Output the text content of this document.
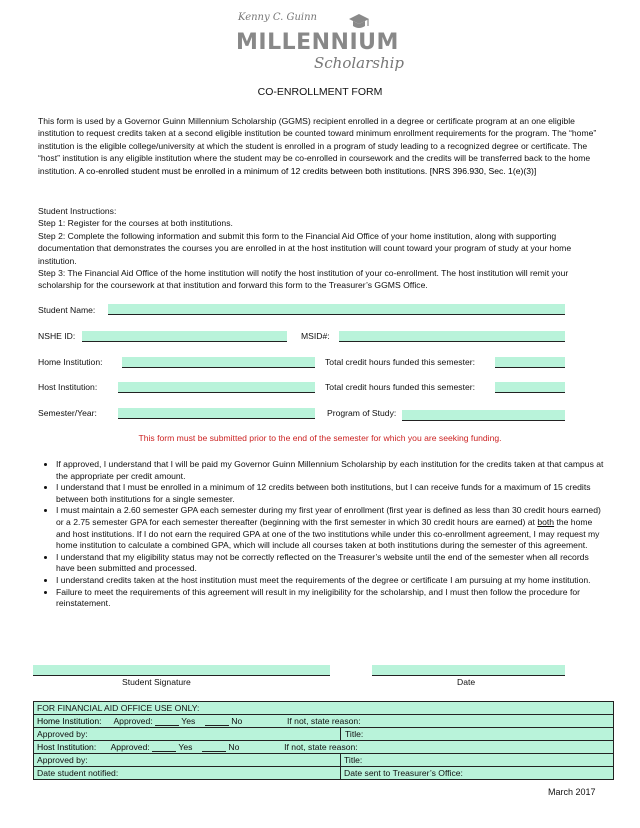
Kenny C. Guinn
MILLENNIUM
Scholarship
CO-ENROLLMENT FORM

This form is used by a Governor Guinn Millennium Scholarship (GGMS) recipient enrolled in a degree or certificate program at an one eligible institution to request credits taken at a second eligible institution be counted toward minimum enrollment requirements for the program. The “home” institution is the eligible college/university at which the student is enrolled in a program of study leading to a recognized degree or certificate. The “host” institution is any eligible institution where the student may be co-enrolled in coursework and the credits will be transferred back to the home institution. A co-enrolled student must be enrolled in a minimum of 12 credits between both institutions. [NRS 396.930, Sec. 1(e)(3)]

Student Instructions:

Step 1: Register for the courses at both institutions.

Step 2: Complete the following information and submit this form to the Financial Aid Office of your home institution, along with supporting documentation that demonstrates the courses you are enrolled in at the host institution will count toward your program of study at your home institution.

Step 3: The Financial Aid Office of the home institution will notify the host institution of your co-enrollment. The host institution will remit your scholarship for the coursework at that institution and forward this form to the Treasurer’s GGMS Office.

Student Name:
NSHE ID:	MSID#:
Home Institution:	Total credit hours funded this semester:
Host Institution:	Total credit hours funded this semester:
Semester/Year:	Program of Study:
This form must be submitted prior to the end of the semester for which you are seeking funding.
• If approved, I understand that I will be paid my Governor Guinn Millennium Scholarship by each institution for the credits taken at that campus at the appropriate per credit amount.
• I understand that I must be enrolled in a minimum of 12 credits between both institutions, but I can receive funds for a maximum of 15 credits between both institutions for a single semester.
• I must maintain a 2.60 semester GPA each semester during my first year of enrollment (first year is defined as less than 30 credit hours earned) or a 2.75 semester GPA for each semester thereafter (beginning with the first semester in which 30 credit hours are earned) at both the home and host institutions. If I do not earn the required GPA at one of the two institutions while under this co-enrollment agreement, I may request my home institution to calculate a combined GPA, which will include all courses taken at both institutions during the semester of this agreement.
• I understand that my eligibility status may not be correctly reflected on the Treasurer’s website until the end of the semester when all records have been submitted and processed.
• I understand credits taken at the host institution must meet the requirements of the degree or certificate I am pursuing at my home institution.
• Failure to meet the requirements of this agreement will result in my ineligibility for the scholarship, and I must then follow the procedure for reinstatement.
Student Signature	Date
FOR FINANCIAL AID OFFICE USE ONLY:	
Home Institution: Approved: Yes No If not, state reason:	
Approved by:	Title:
Host Institution: Approved: Yes No If not, state reason:	
Approved by:	Title:
Date student notified:	Date sent to Treasurer’s Office:
March 2017
